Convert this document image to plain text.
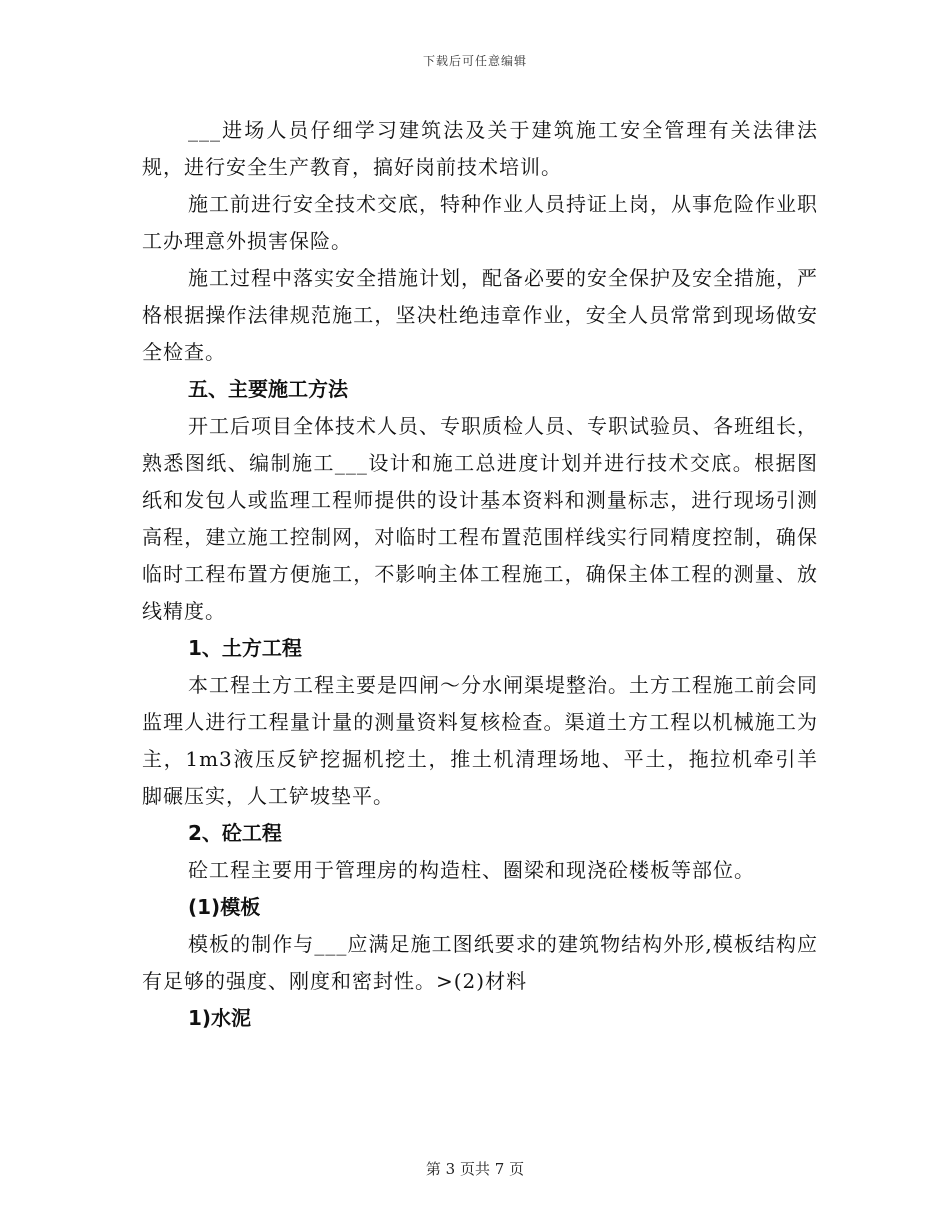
下载后可任意编辑

___进场人员仔细学习建筑法及关于建筑施工安全管理有关法律法规，进行安全生产教育，搞好岗前技术培训。

施工前进行安全技术交底，特种作业人员持证上岗，从事危险作业职工办理意外损害保险。

施工过程中落实安全措施计划，配备必要的安全保护及安全措施，严格根据操作法律规范施工，坚决杜绝违章作业，安全人员常常到现场做安全检查。

五、主要施工方法

开工后项目全体技术人员、专职质检人员、专职试验员、各班组长，熟悉图纸、编制施工___设计和施工总进度计划并进行技术交底。根据图纸和发包人或监理工程师提供的设计基本资料和测量标志，进行现场引测高程，建立施工控制网，对临时工程布置范围样线实行同精度控制，确保临时工程布置方便施工，不影响主体工程施工，确保主体工程的测量、放线精度。

1、土方工程

本工程土方工程主要是四闸～分水闸渠堤整治。土方工程施工前会同监理人进行工程量计量的测量资料复核检查。渠道土方工程以机械施工为主，1m3液压反铲挖掘机挖土，推土机清理场地、平土，拖拉机牵引羊脚碾压实，人工铲坡垫平。

2、砼工程

砼工程主要用于管理房的构造柱、圈梁和现浇砼楼板等部位。

(1)模板

模板的制作与___应满足施工图纸要求的建筑物结构外形,模板结构应有足够的强度、刚度和密封性。>(2)材料

1)水泥

第 3 页共 7 页
